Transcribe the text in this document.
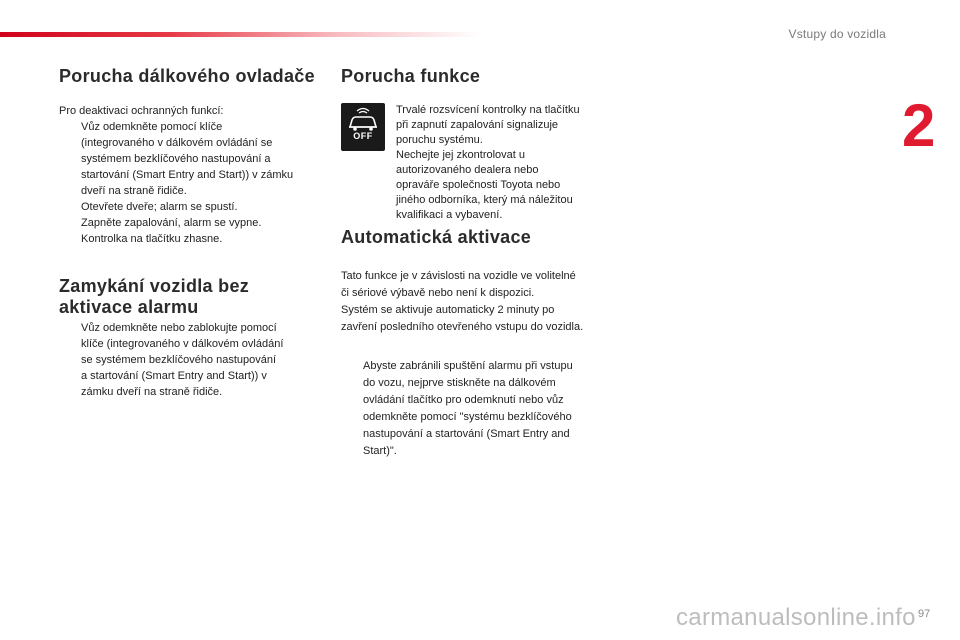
Vstupy do vozidla
2
Porucha dálkového ovladače
Pro deaktivaci ochranných funkcí:
Vůz odemkněte pomocí klíče
(integrovaného v dálkovém ovládání se
systémem bezklíčového nastupování a
startování (Smart Entry and Start)) v zámku
dveří na straně řidiče.
Otevřete dveře; alarm se spustí.
Zapněte zapalování, alarm se vypne.
Kontrolka na tlačítku zhasne.
Zamykání vozidla bez
aktivace alarmu
Vůz odemkněte nebo zablokujte pomocí
klíče (integrovaného v dálkovém ovládání
se systémem bezklíčového nastupování
a startování (Smart Entry and Start)) v
zámku dveří na straně řidiče.
Porucha funkce
OFF
Trvalé rozsvícení kontrolky na tlačítku
při zapnutí zapalování signalizuje
poruchu systému.
Nechejte jej zkontrolovat u
autorizovaného dealera nebo
opraváře společnosti Toyota nebo
jiného odborníka, který má náležitou
kvalifikaci a vybavení.
Automatická aktivace
Tato funkce je v závislosti na vozidle ve volitelné
či sériové výbavě nebo není k dispozici.
Systém se aktivuje automaticky 2 minuty po
zavření posledního otevřeného vstupu do vozidla.
Abyste zabránili spuštění alarmu při vstupu
do vozu, nejprve stiskněte na dálkovém
ovládání tlačítko pro odemknutí nebo vůz
odemkněte pomocí "systému bezklíčového
nastupování a startování (Smart Entry and
Start)".
carmanualsonline.info 97
